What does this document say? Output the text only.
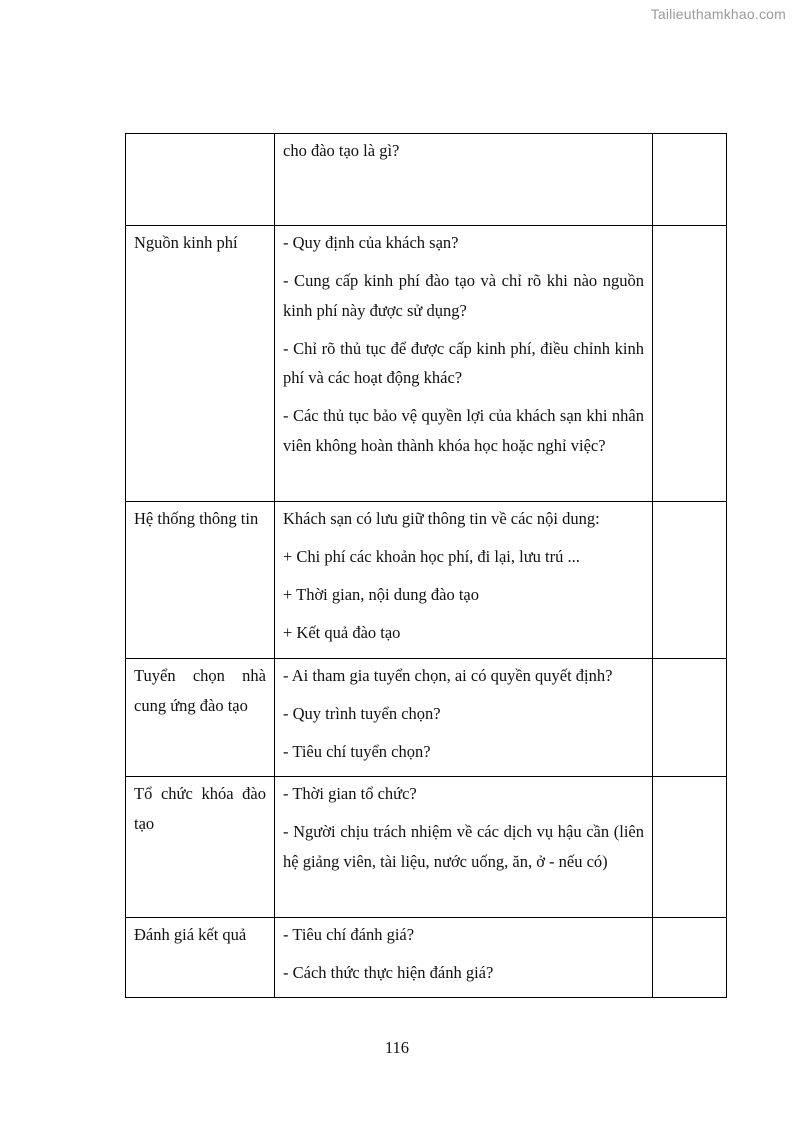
Tailieuthamkhao.com

	cho đào tạo là gì?	

Nguồn kinh phí	- Quy định của khách sạn?

- Cung cấp kinh phí đào tạo và chỉ rõ khi nào nguồn kinh phí này được sử dụng?

- Chỉ rõ thủ tục để được cấp kinh phí, điều chỉnh kinh phí và các hoạt động khác?

- Các thủ tục bảo vệ quyền lợi của khách sạn khi nhân viên không hoàn thành khóa học hoặc nghỉ việc?	

Hệ thống thông tin	Khách sạn có lưu giữ thông tin về các nội dung:

+ Chi phí các khoản học phí, đi lại, lưu trú ...

+ Thời gian, nội dung đào tạo

+ Kết quả đào tạo	

Tuyển chọn nhà cung ứng đào tạo	- Ai tham gia tuyển chọn, ai có quyền quyết định?

- Quy trình tuyển chọn?

- Tiêu chí tuyển chọn?	

Tổ chức khóa đào tạo	- Thời gian tổ chức?

- Người chịu trách nhiệm về các dịch vụ hậu cần (liên hệ giảng viên, tài liệu, nước uống, ăn, ở - nếu có)	

Đánh giá kết quả	- Tiêu chí đánh giá?

- Cách thức thực hiện đánh giá?	

116
